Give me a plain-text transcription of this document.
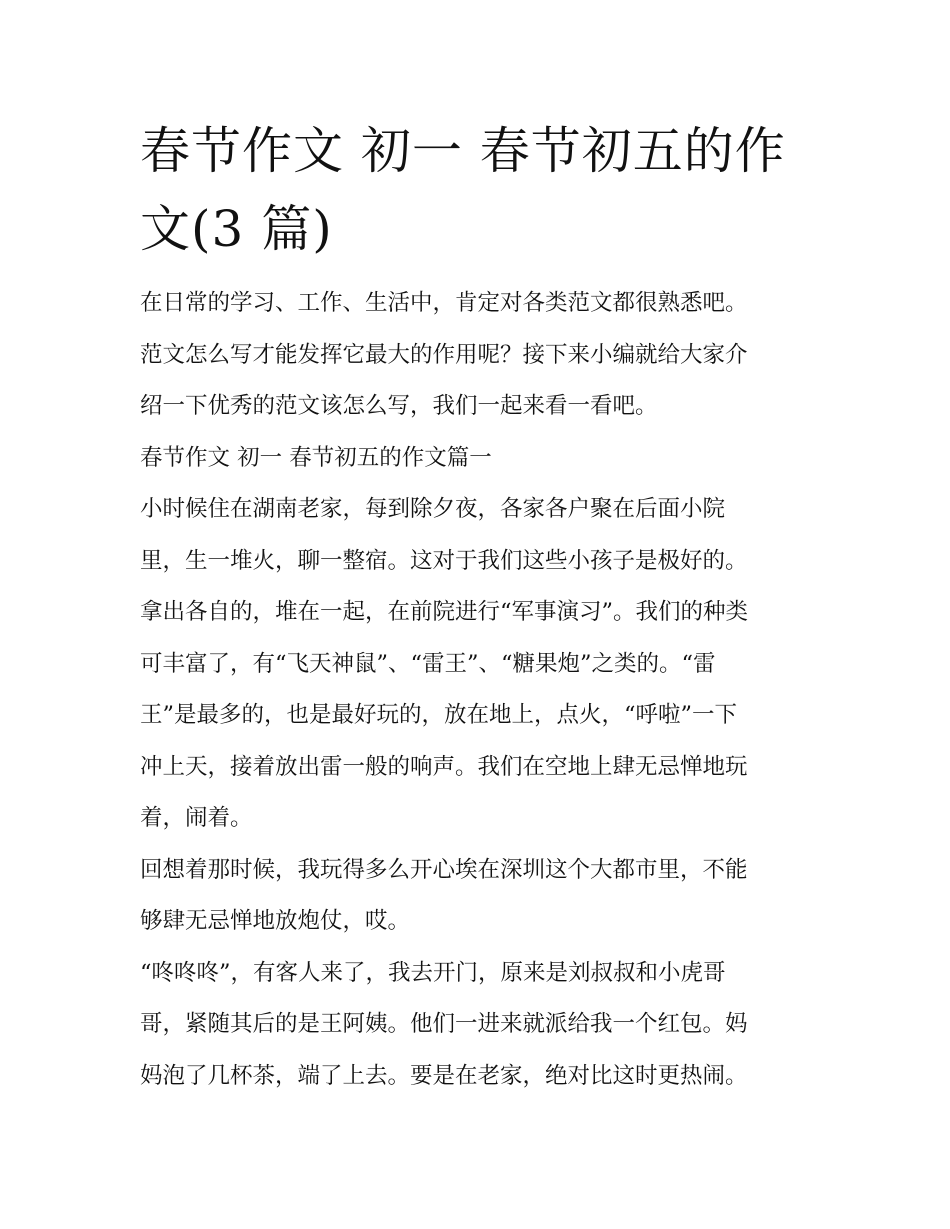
春节作文 初一 春节初五的作
文(3 篇)
在日常的学习、工作、生活中，肯定对各类范文都很熟悉吧。
范文怎么写才能发挥它最大的作用呢？接下来小编就给大家介
绍一下优秀的范文该怎么写，我们一起来看一看吧。
春节作文 初一 春节初五的作文篇一
小时候住在湖南老家，每到除夕夜，各家各户聚在后面小院
里，生一堆火，聊一整宿。这对于我们这些小孩子是极好的。
拿出各自的，堆在一起，在前院进行“军事演习”。我们的种类
可丰富了，有“飞天神鼠”、“雷王”、“糖果炮”之类的。“雷
王”是最多的，也是最好玩的，放在地上，点火，“呼啦”一下
冲上天，接着放出雷一般的响声。我们在空地上肆无忌惮地玩
着，闹着。
回想着那时候，我玩得多么开心埃在深圳这个大都市里，不能
够肆无忌惮地放炮仗，哎。
“咚咚咚”，有客人来了，我去开门，原来是刘叔叔和小虎哥
哥，紧随其后的是王阿姨。他们一进来就派给我一个红包。妈
妈泡了几杯茶，端了上去。要是在老家，绝对比这时更热闹。
